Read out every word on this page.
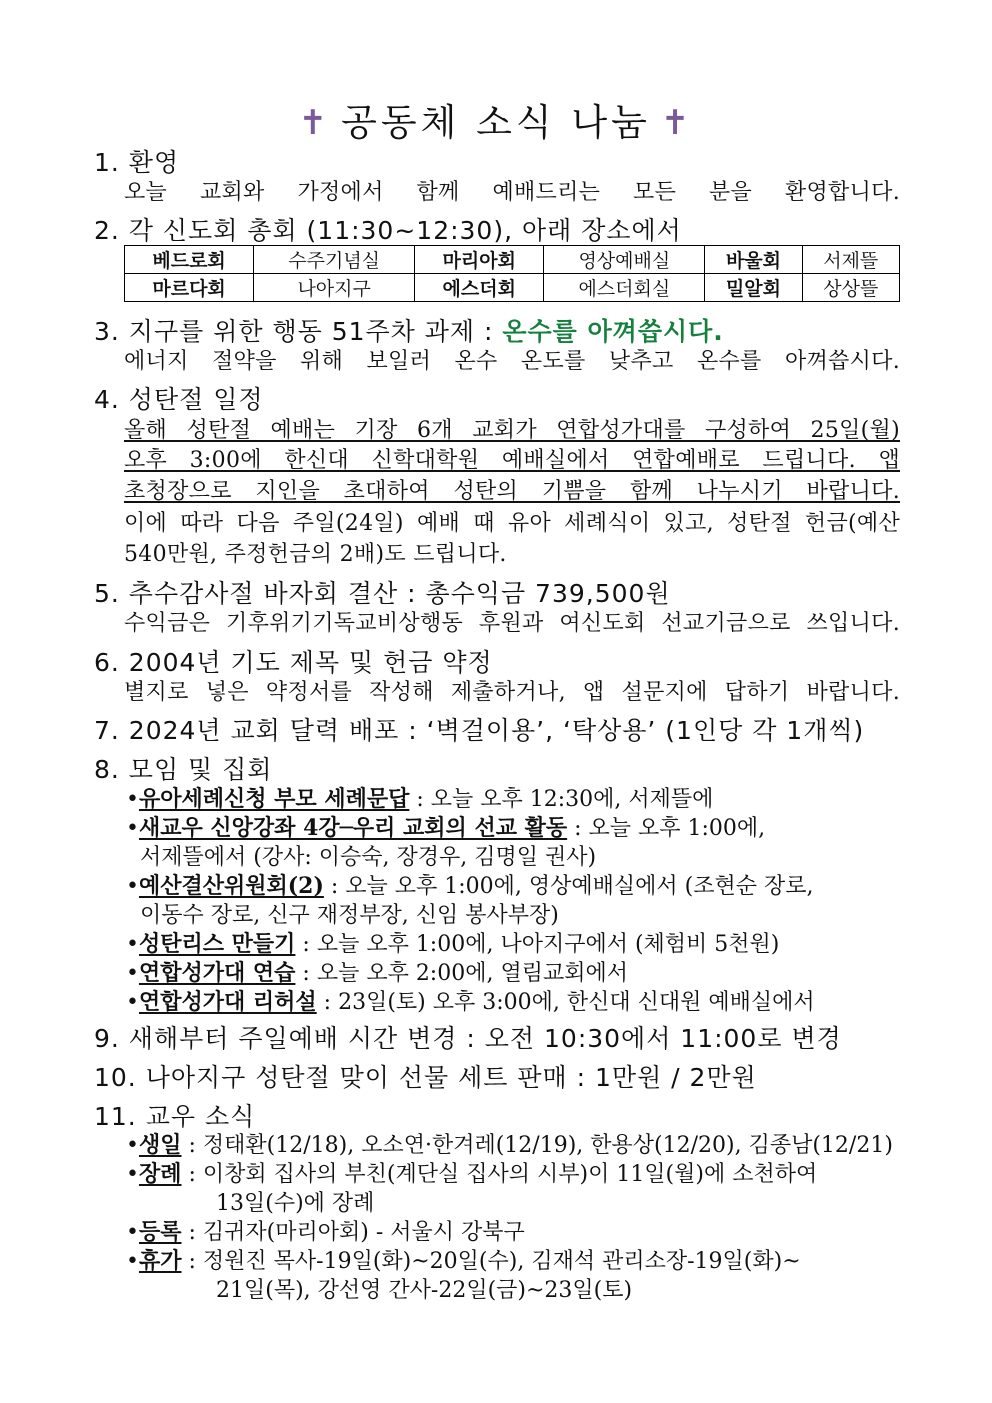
✝ 공동체 소식 나눔 ✝
1. 환영
오늘 교회와 가정에서 함께 예배드리는 모든 분을 환영합니다.
2. 각 신도회 총회 (11:30~12:30), 아래 장소에서
베드로회	수주기념실	마리아회	영상예배실	바울회	서제뜰
마르다회	나아지구	에스더회	에스더회실	밀알회	상상뜰
3. 지구를 위한 행동 51주차 과제 : 온수를 아껴씁시다.
에너지 절약을 위해 보일러 온수 온도를 낮추고 온수를 아껴씁시다.
4. 성탄절 일정
올해 성탄절 예배는 기장 6개 교회가 연합성가대를 구성하여 25일(월)
오후 3:00에 한신대 신학대학원 예배실에서 연합예배로 드립니다. 앱
초청장으로 지인을 초대하여 성탄의 기쁨을 함께 나누시기 바랍니다.
이에 따라 다음 주일(24일) 예배 때 유아 세례식이 있고, 성탄절 헌금(예산
540만원, 주정헌금의 2배)도 드립니다.
5. 추수감사절 바자회 결산 : 총수익금 739,500원
수익금은 기후위기기독교비상행동 후원과 여신도회 선교기금으로 쓰입니다.
6. 2004년 기도 제목 및 헌금 약정
별지로 넣은 약정서를 작성해 제출하거나, 앱 설문지에 답하기 바랍니다.
7. 2024년 교회 달력 배포 : ‘벽걸이용’, ‘탁상용’ (1인당 각 1개씩)
8. 모임 및 집회
•유아세례신청 부모 세례문답 : 오늘 오후 12:30에, 서제뜰에
•새교우 신앙강좌 4강─우리 교회의 선교 활동 : 오늘 오후 1:00에,
서제뜰에서 (강사: 이승숙, 장경우, 김명일 권사)
•예산결산위원회(2) : 오늘 오후 1:00에, 영상예배실에서 (조현순 장로,
이동수 장로, 신구 재정부장, 신임 봉사부장)
•성탄리스 만들기 : 오늘 오후 1:00에, 나아지구에서 (체험비 5천원)
•연합성가대 연습 : 오늘 오후 2:00에, 열림교회에서
•연합성가대 리허설 : 23일(토) 오후 3:00에, 한신대 신대원 예배실에서
9. 새해부터 주일예배 시간 변경 : 오전 10:30에서 11:00로 변경
10. 나아지구 성탄절 맞이 선물 세트 판매 : 1만원 / 2만원
11. 교우 소식
•생일 : 정태환(12/18), 오소연·한겨레(12/19), 한용상(12/20), 김종남(12/21)
•장례 : 이창회 집사의 부친(계단실 집사의 시부)이 11일(월)에 소천하여
13일(수)에 장례
•등록 : 김귀자(마리아회) - 서울시 강북구
•휴가 : 정원진 목사-19일(화)~20일(수), 김재석 관리소장-19일(화)~
21일(목), 강선영 간사-22일(금)~23일(토)
